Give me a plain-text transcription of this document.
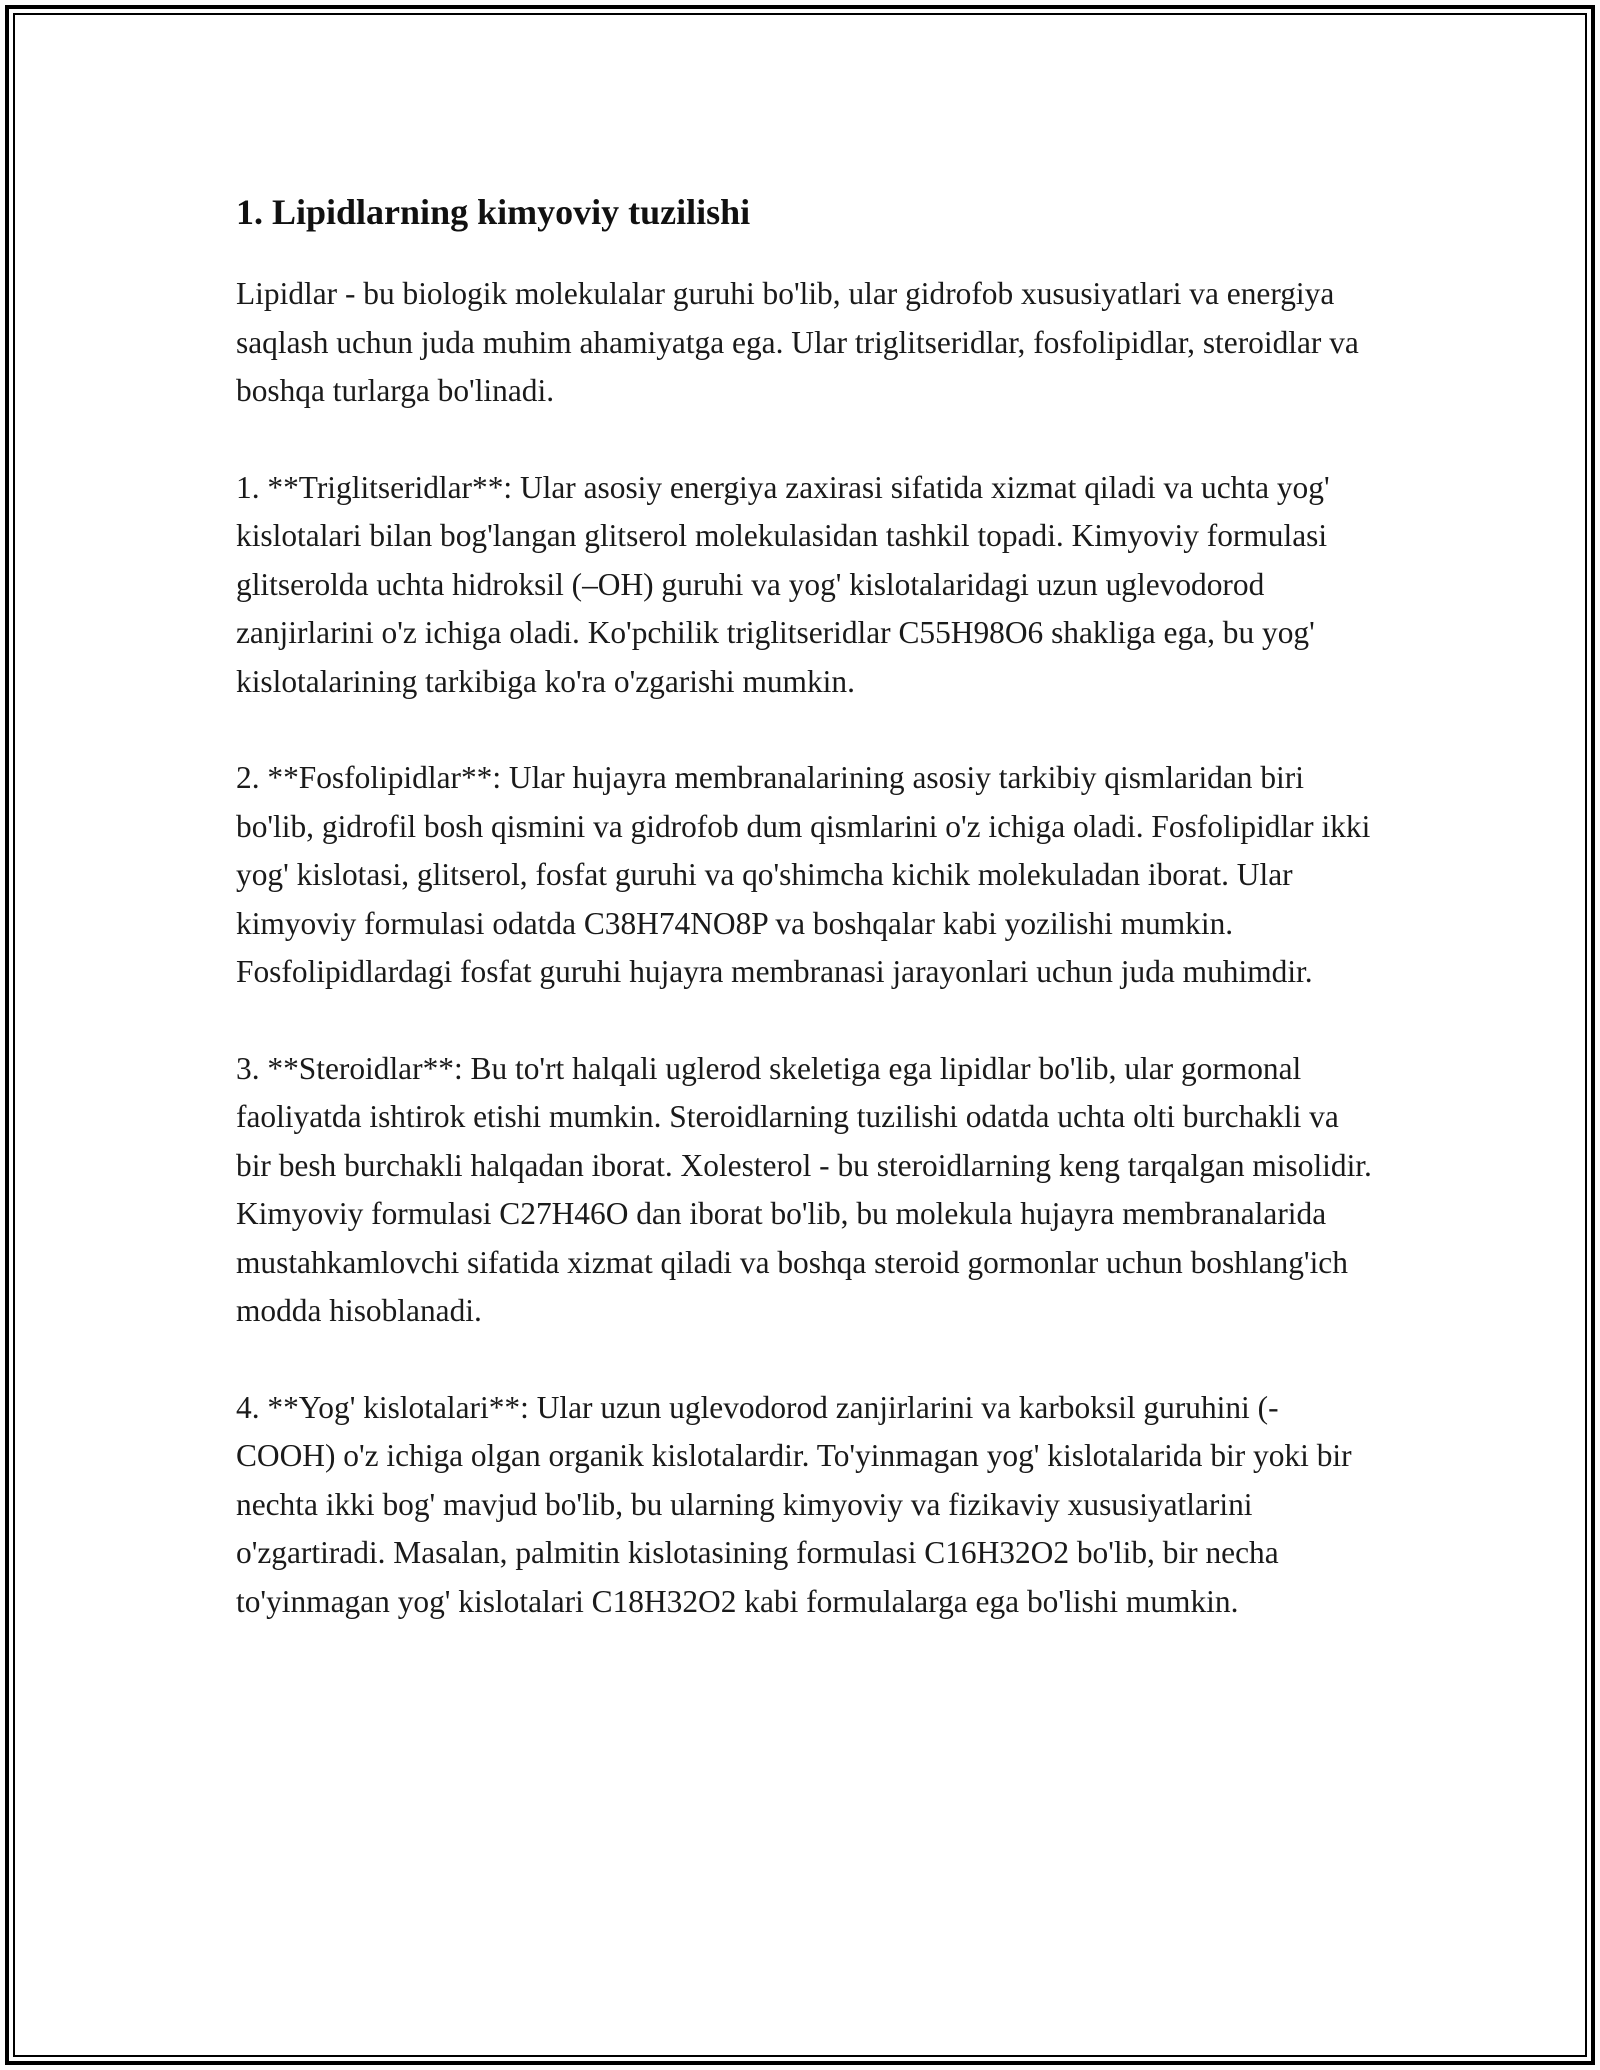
1. Lipidlarning kimyoviy tuzilishi

Lipidlar - bu biologik molekulalar guruhi bo'lib, ular gidrofob xususiyatlari va energiya saqlash uchun juda muhim ahamiyatga ega. Ular triglitseridlar, fosfolipidlar, steroidlar va boshqa turlarga bo'linadi.

1. **Triglitseridlar**: Ular asosiy energiya zaxirasi sifatida xizmat qiladi va uchta yog' kislotalari bilan bog'langan glitserol molekulasidan tashkil topadi. Kimyoviy formulasi glitserolda uchta hidroksil (–OH) guruhi va yog' kislotalaridagi uzun uglevodorod zanjirlarini o'z ichiga oladi. Ko'pchilik triglitseridlar C55H98O6 shakliga ega, bu yog' kislotalarining tarkibiga ko'ra o'zgarishi mumkin.

2. **Fosfolipidlar**: Ular hujayra membranalarining asosiy tarkibiy qismlaridan biri bo'lib, gidrofil bosh qismini va gidrofob dum qismlarini o'z ichiga oladi. Fosfolipidlar ikki yog' kislotasi, glitserol, fosfat guruhi va qo'shimcha kichik molekuladan iborat. Ular kimyoviy formulasi odatda C38H74NO8P va boshqalar kabi yozilishi mumkin. Fosfolipidlardagi fosfat guruhi hujayra membranasi jarayonlari uchun juda muhimdir.

3. **Steroidlar**: Bu to'rt halqali uglerod skeletiga ega lipidlar bo'lib, ular gormonal faoliyatda ishtirok etishi mumkin. Steroidlarning tuzilishi odatda uchta olti burchakli va bir besh burchakli halqadan iborat. Xolesterol - bu steroidlarning keng tarqalgan misolidir. Kimyoviy formulasi C27H46O dan iborat bo'lib, bu molekula hujayra membranalarida mustahkamlovchi sifatida xizmat qiladi va boshqa steroid gormonlar uchun boshlang'ich modda hisoblanadi.

4. **Yog' kislotalari**: Ular uzun uglevodorod zanjirlarini va karboksil guruhini (-COOH) o'z ichiga olgan organik kislotalardir. To'yinmagan yog' kislotalarida bir yoki bir nechta ikki bog' mavjud bo'lib, bu ularning kimyoviy va fizikaviy xususiyatlarini o'zgartiradi. Masalan, palmitin kislotasining formulasi C16H32O2 bo'lib, bir necha to'yinmagan yog' kislotalari C18H32O2 kabi formulalarga ega bo'lishi mumkin.
